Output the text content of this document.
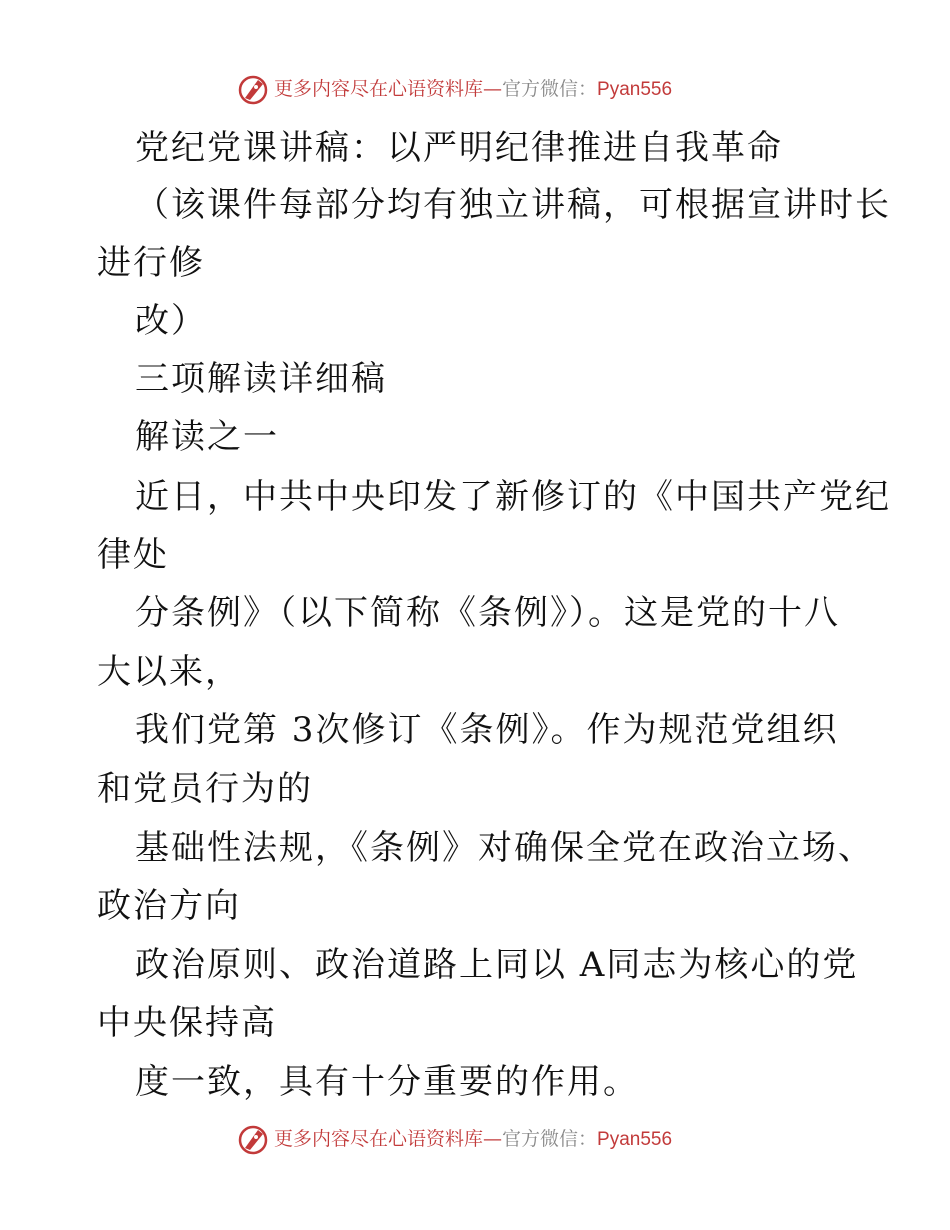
更多内容尽在心语资料库—官方微信：Pyan556
党纪党课讲稿：以严明纪律推进自我革命
（该课件每部分均有独立讲稿，可根据宣讲时长
进行修
改）
三项解读详细稿
解读之一
近日，中共中央印发了新修订的《中国共产党纪
律处
分条例》（以下简称《条例》）。这是党的十八
大以来，
我们党第 3次修订《条例》。作为规范党组织
和党员行为的
基础性法规，《条例》对确保全党在政治立场、
政治方向
政治原则、政治道路上同以 A同志为核心的党
中央保持高
度一致，具有十分重要的作用。
更多内容尽在心语资料库—官方微信：Pyan556
